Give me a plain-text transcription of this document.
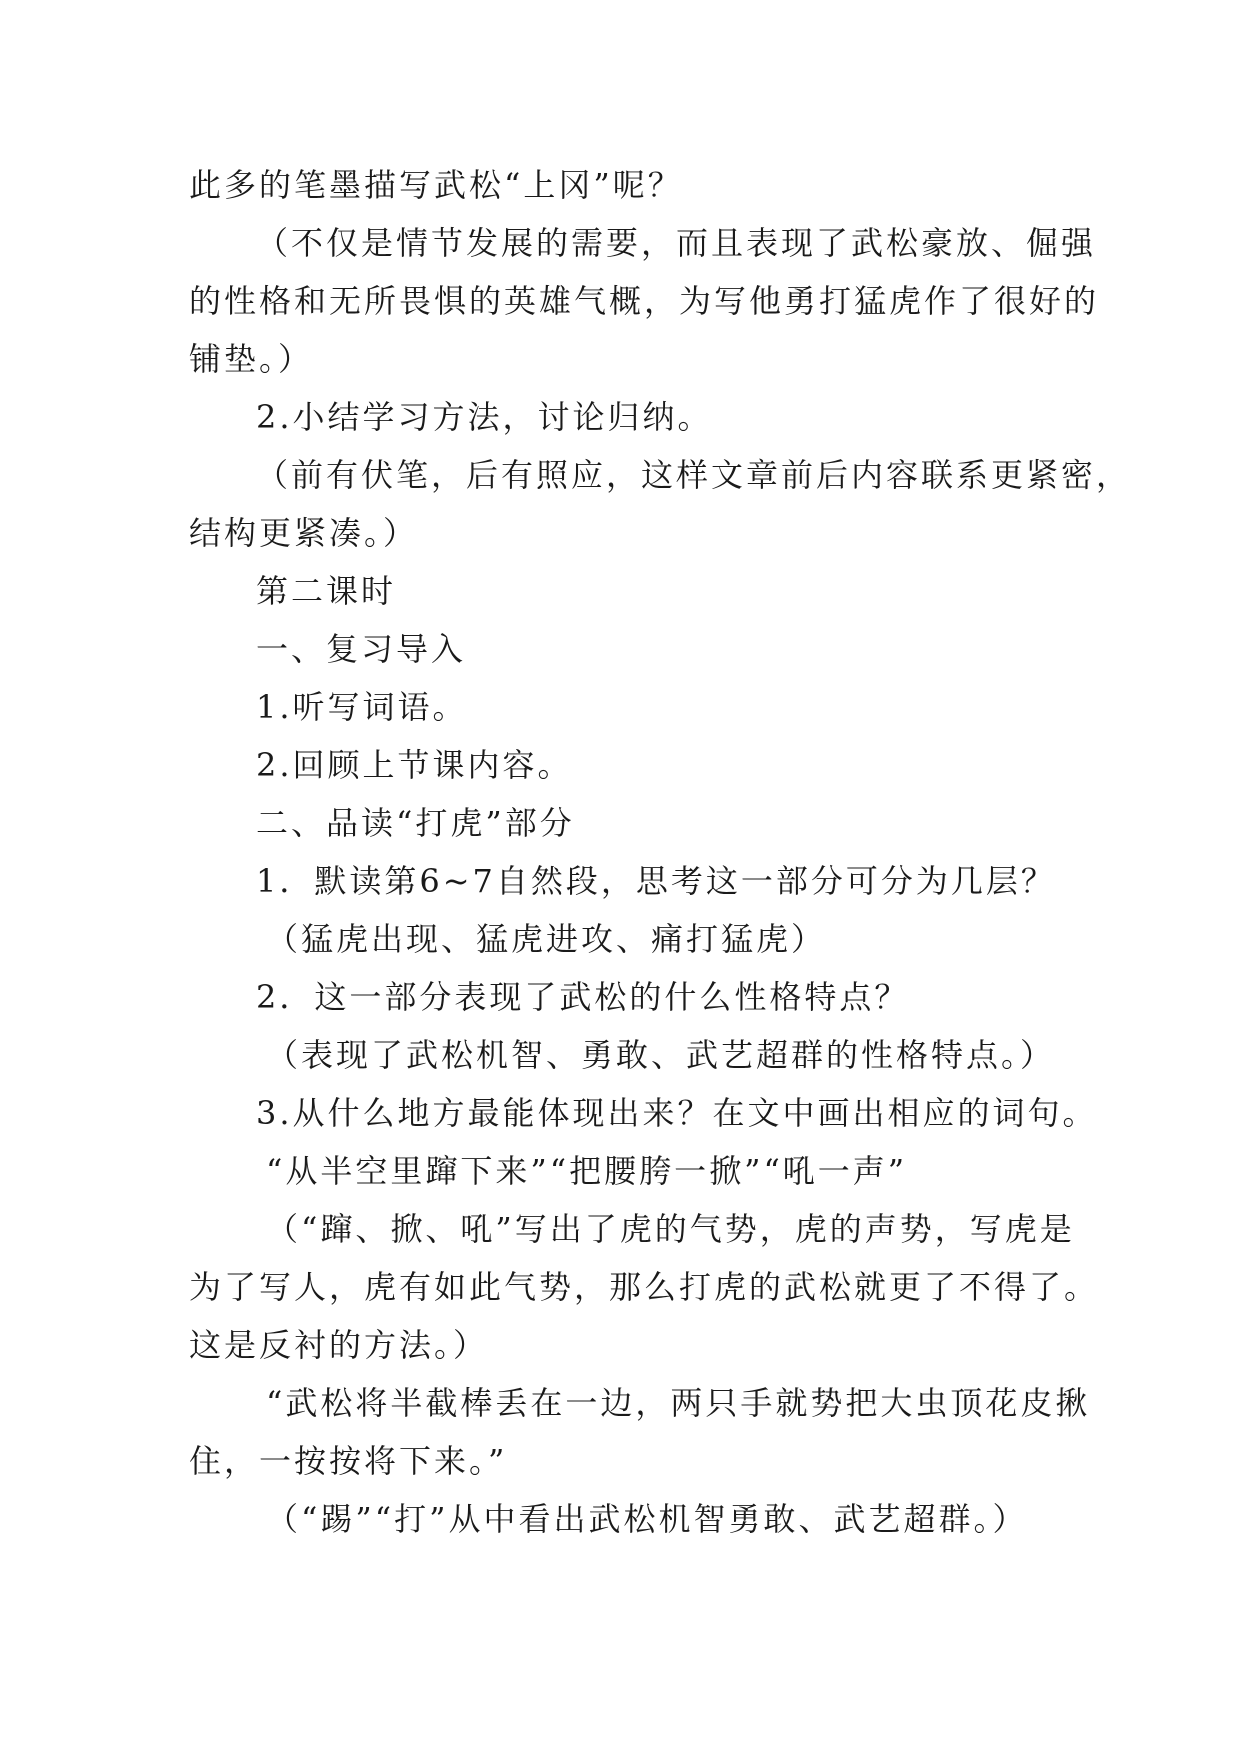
此多的笔墨描写武松“上冈”呢？
（不仅是情节发展的需要，而且表现了武松豪放、倔强
的性格和无所畏惧的英雄气概，为写他勇打猛虎作了很好的
铺垫。）
2.小结学习方法，讨论归纳。
（前有伏笔，后有照应，这样文章前后内容联系更紧密，
结构更紧凑。）
第二课时
一、复习导入
1.听写词语。
2.回顾上节课内容。
二、品读“打虎”部分
1．默读第6~7自然段，思考这一部分可分为几层？
（猛虎出现、猛虎进攻、痛打猛虎）
2．这一部分表现了武松的什么性格特点？
（表现了武松机智、勇敢、武艺超群的性格特点。）
3.从什么地方最能体现出来？在文中画出相应的词句。
“从半空里蹿下来”“把腰胯一掀”“吼一声”
（“蹿、掀、吼”写出了虎的气势，虎的声势，写虎是
为了写人，虎有如此气势，那么打虎的武松就更了不得了。
这是反衬的方法。）
“武松将半截棒丢在一边，两只手就势把大虫顶花皮揪
住，一按按将下来。”
（“踢”“打”从中看出武松机智勇敢、武艺超群。）
